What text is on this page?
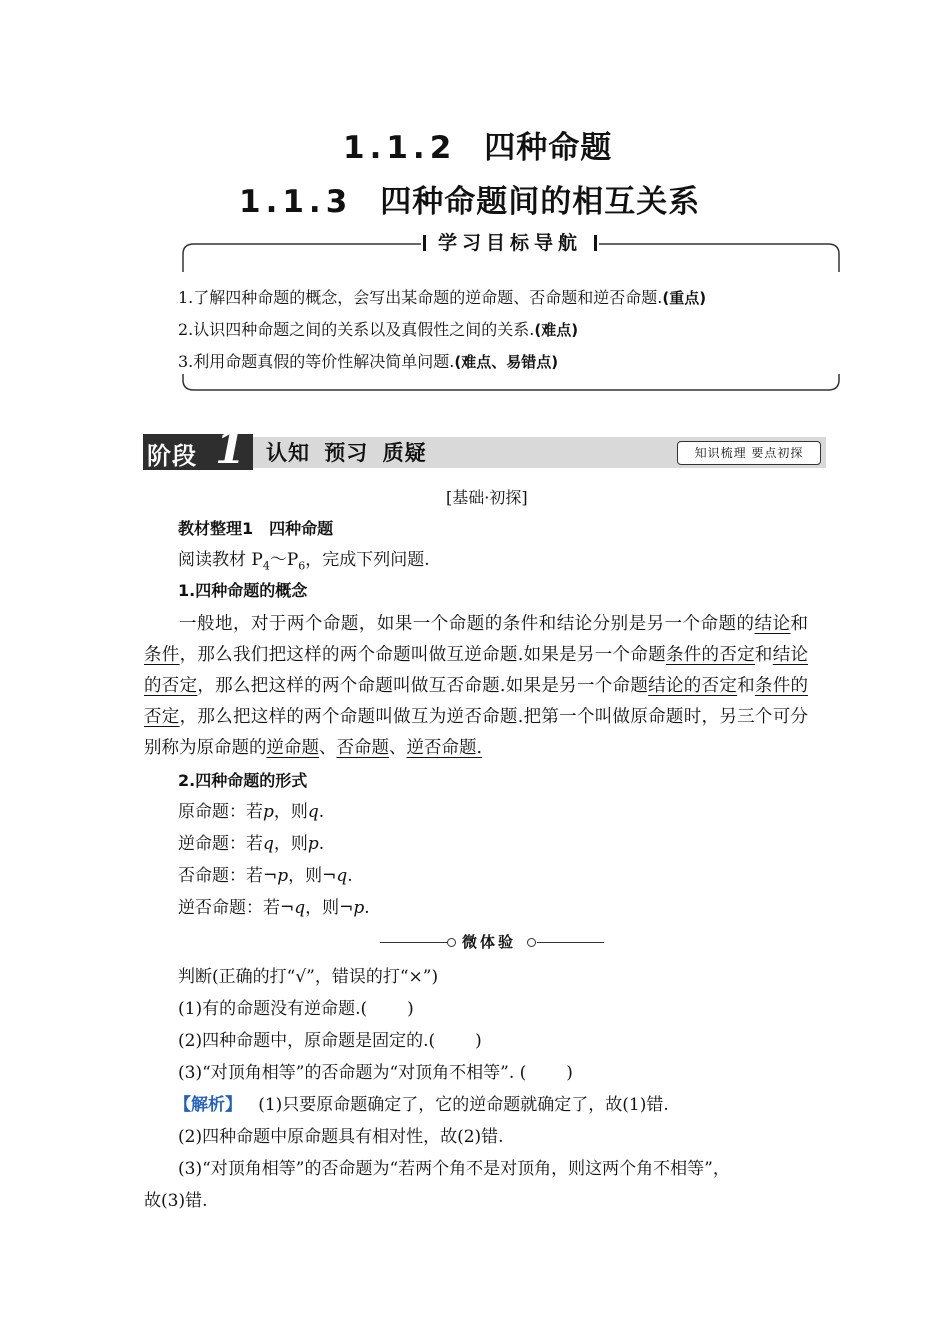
1.1.2 四种命题
1.1.3 四种命题间的相互关系
学习目标导航
1.了解四种命题的概念，会写出某命题的逆命题、否命题和逆否命题.(重点)
2.认识四种命题之间的关系以及真假性之间的关系.(难点)
3.利用命题真假的等价性解决简单问题.(难点、易错点)
阶段 1 认知 预习 质疑	知识梳理 要点初探
[基础·初探]
教材整理1　四种命题
阅读教材 $P_4\sim P_6$，完成下列问题.
1.四种命题的概念
一般地，对于两个命题，如果一个命题的条件和结论分别是另一个命题的结论和条件，那么我们把这样的两个命题叫做互逆命题.如果是另一个命题条件的否定和结论的否定，那么把这样的两个命题叫做互否命题.如果是另一个命题结论的否定和条件的否定，那么把这样的两个命题叫做互为逆否命题.把第一个叫做原命题时，另三个可分别称为原命题的逆命题、否命题、逆否命题.
2.四种命题的形式
原命题：若p，则q.
逆命题：若q，则p.
否命题：若¬p，则¬q.
逆否命题：若¬q，则¬p.
微体验
判断(正确的打“√”，错误的打“×”)
(1)有的命题没有逆命题.( )
(2)四种命题中，原命题是固定的.( )
(3)“对顶角相等”的否命题为“对顶角不相等”. ( )
【解析】 (1)只要原命题确定了，它的逆命题就确定了，故(1)错.
(2)四种命题中原命题具有相对性，故(2)错.
(3)“对顶角相等”的否命题为“若两个角不是对顶角，则这两个角不相等”，
故(3)错.
